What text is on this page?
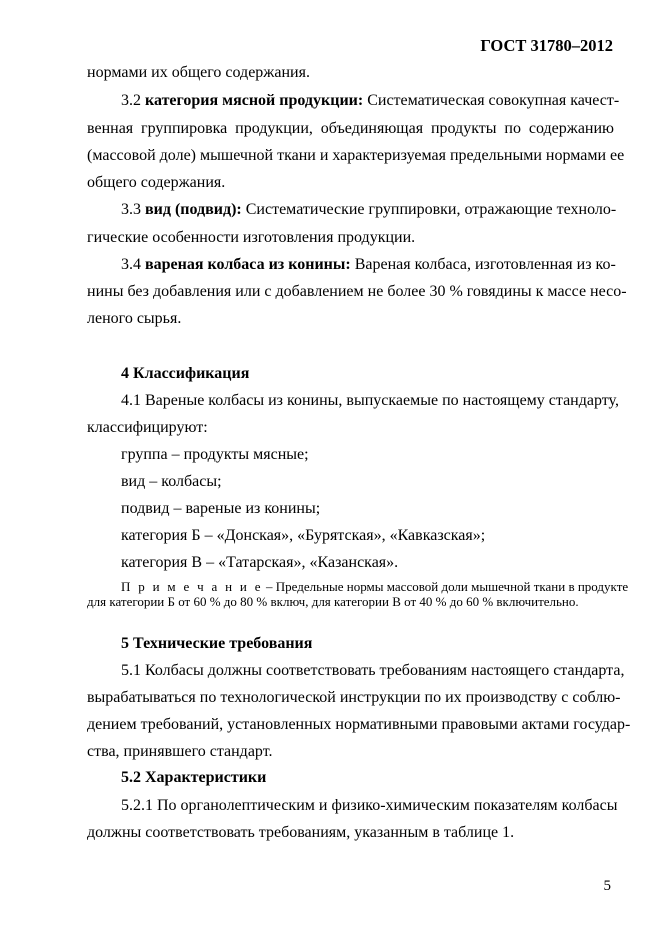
ГОСТ 31780–2012
нормами их общего содержания.
3.2 категория мясной продукции: Систематическая совокупная качест-
венная группировка продукции, объединяющая продукты по содержанию
(массовой доле) мышечной ткани и характеризуемая предельными нормами ее
общего содержания.
3.3 вид (подвид): Систематические группировки, отражающие техноло-
гические особенности изготовления продукции.
3.4 вареная колбаса из конины: Вареная колбаса, изготовленная из ко-
нины без добавления или с добавлением не более 30 % говядины к массе несо-
леного сырья.
4 Классификация
4.1 Вареные колбасы из конины, выпускаемые по настоящему стандарту,
классифицируют:
группа – продукты мясные;
вид – колбасы;
подвид – вареные из конины;
категория Б – «Донская», «Бурятская», «Кавказская»;
категория В – «Татарская», «Казанская».
П р и м е ч а н и е – Предельные нормы массовой доли мышечной ткани в продукте
для категории Б от 60 % до 80 % включ, для категории В от 40 % до 60 % включительно.
5 Технические требования
5.1 Колбасы должны соответствовать требованиям настоящего стандарта,
вырабатываться по технологической инструкции по их производству с соблю-
дением требований, установленных нормативными правовыми актами государ-
ства, принявшего стандарт.
5.2 Характеристики
5.2.1 По органолептическим и физико-химическим показателям колбасы
должны соответствовать требованиям, указанным в таблице 1.
5
